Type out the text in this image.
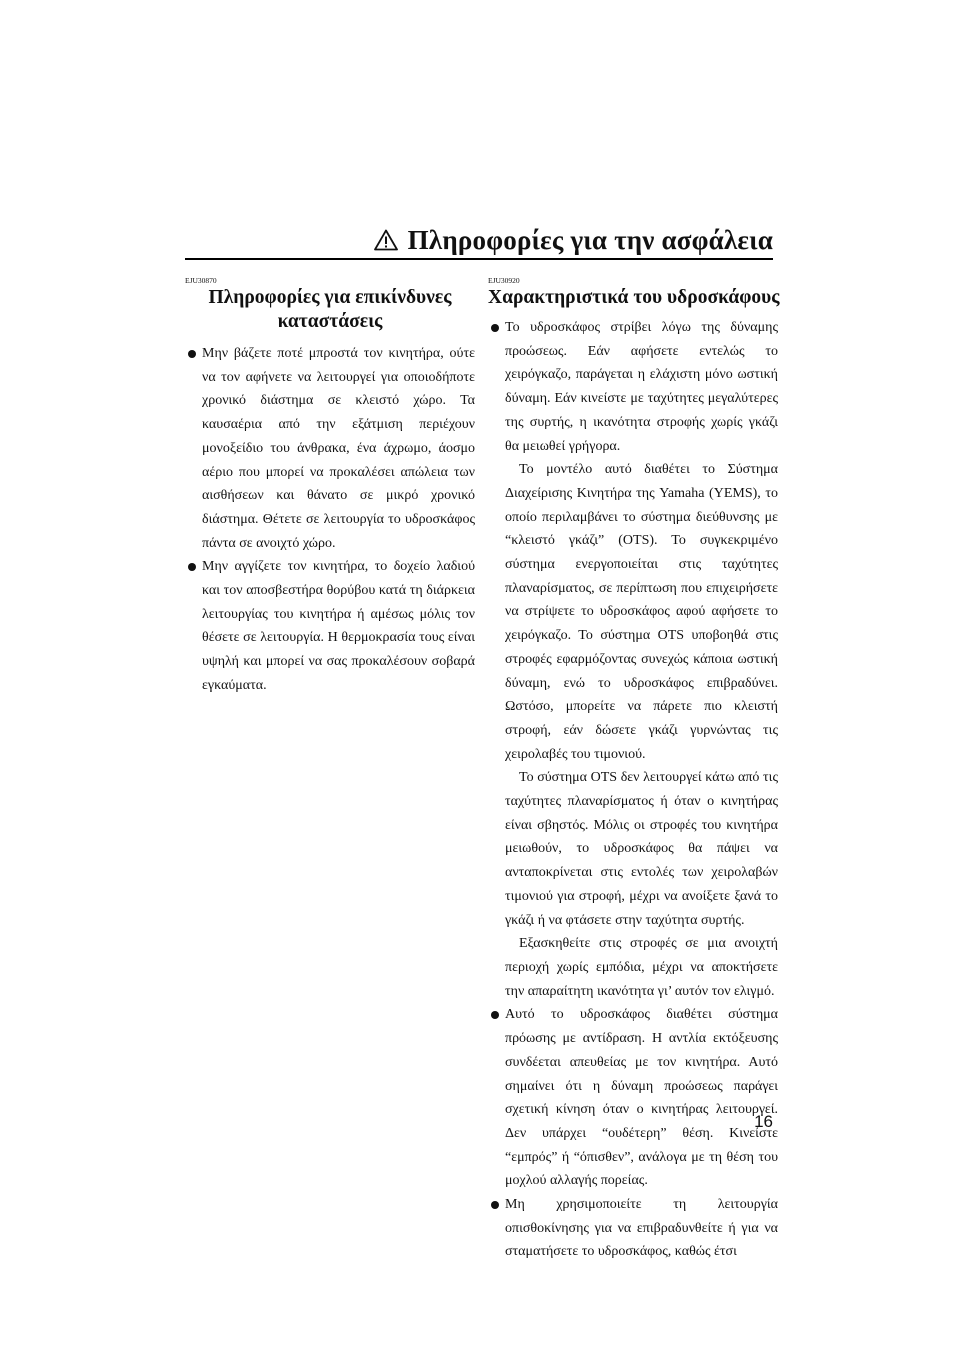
Πληροφορίες για την ασφάλεια
EJU30870
Πληροφορίες για επικίνδυνες καταστάσεις

Μην βάζετε ποτέ μπροστά τον κινητήρα, ούτε να τον αφήνετε να λειτουργεί για οποιοδήποτε χρονικό διάστημα σε κλειστό χώρο. Τα καυσαέρια από την εξάτμιση περιέχουν μονοξείδιο του άνθρακα, ένα άχρωμο, άοσμο αέριο που μπορεί να προκαλέσει απώλεια των αισθήσεων και θάνατο σε μικρό χρονικό διάστημα. Θέτετε σε λειτουργία το υδροσκάφος πάντα σε ανοιχτό χώρο.

Μην αγγίζετε τον κινητήρα, το δοχείο λαδιού και τον αποσβεστήρα θορύβου κατά τη διάρκεια λειτουργίας του κινητήρα ή αμέσως μόλις τον θέσετε σε λειτουργία. Η θερμοκρασία τους είναι υψηλή και μπορεί να σας προκαλέσουν σοβαρά εγκαύματα.

EJU30920
Χαρακτηριστικά του υδροσκάφους

Το υδροσκάφος στρίβει λόγω της δύναμης προώσεως. Εάν αφήσετε εντελώς το χειρόγκαζο, παράγεται η ελάχιστη μόνο ωστική δύναμη. Εάν κινείστε με ταχύτητες μεγαλύτερες της συρτής, η ικανότητα στροφής χωρίς γκάζι θα μειωθεί γρήγορα.

Το μοντέλο αυτό διαθέτει το Σύστημα Διαχείρισης Κινητήρα της Yamaha (YEMS), το οποίο περιλαμβάνει το σύστημα διεύθυνσης με “κλειστό γκάζι” (OTS). Το συγκεκριμένο σύστημα ενεργοποιείται στις ταχύτητες πλαναρίσματος, σε περίπτωση που επιχειρήσετε να στρίψετε το υδροσκάφος αφού αφήσετε το χειρόγκαζο. Το σύστημα OTS υποβοηθά στις στροφές εφαρμόζοντας συνεχώς κάποια ωστική δύναμη, ενώ το υδροσκάφος επιβραδύνει. Ωστόσο, μπορείτε να πάρετε πιο κλειστή στροφή, εάν δώσετε γκάζι γυρνώντας τις χειρολαβές του τιμονιού.

Το σύστημα OTS δεν λειτουργεί κάτω από τις ταχύτητες πλαναρίσματος ή όταν ο κινητήρας είναι σβηστός. Μόλις οι στροφές του κινητήρα μειωθούν, το υδροσκάφος θα πάψει να ανταποκρίνεται στις εντολές των χειρολαβών τιμονιού για στροφή, μέχρι να ανοίξετε ξανά το γκάζι ή να φτάσετε στην ταχύτητα συρτής.

Εξασκηθείτε στις στροφές σε μια ανοιχτή περιοχή χωρίς εμπόδια, μέχρι να αποκτήσετε την απαραίτητη ικανότητα γι’ αυτόν τον ελιγμό.

Αυτό το υδροσκάφος διαθέτει σύστημα πρόωσης με αντίδραση. Η αντλία εκτόξευσης συνδέεται απευθείας με τον κινητήρα. Αυτό σημαίνει ότι η δύναμη προώσεως παράγει σχετική κίνηση όταν ο κινητήρας λειτουργεί. Δεν υπάρχει “ουδέτερη” θέση. Κινείστε “εμπρός” ή “όπισθεν”, ανάλογα με τη θέση του μοχλού αλλαγής πορείας.

Μη χρησιμοποιείτε τη λειτουργία οπισθοκίνησης για να επιβραδυνθείτε ή για να σταματήσετε το υδροσκάφος, καθώς έτσι

16
